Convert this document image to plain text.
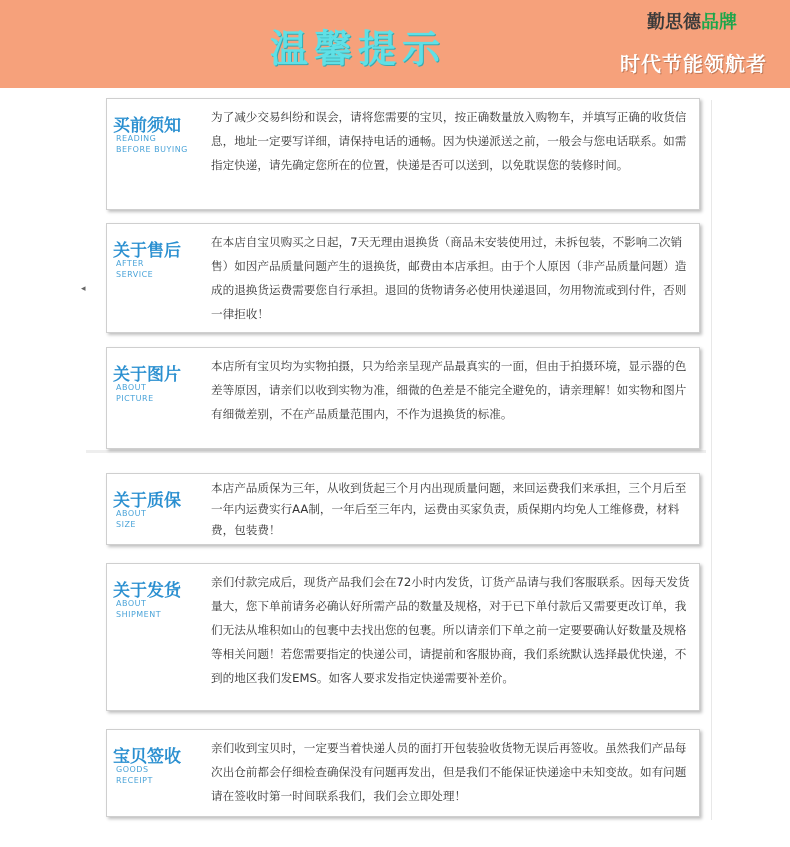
温馨提示
勤思德品牌
时代节能领航者
◂
买前须知
READING
BEFORE BUYING
为了减少交易纠纷和误会，请将您需要的宝贝，按正确数量放入购物车，并填写正确的收货信息，地址一定要写详细，请保持电话的通畅。因为快递派送之前，一般会与您电话联系。如需指定快递，请先确定您所在的位置，快递是否可以送到，以免耽误您的装修时间。
关于售后
AFTER
SERVICE
在本店自宝贝购买之日起，7天无理由退换货（商品未安装使用过，未拆包装，不影响二次销售）如因产品质量问题产生的退换货，邮费由本店承担。由于个人原因（非产品质量问题）造成的退换货运费需要您自行承担。退回的货物请务必使用快递退回，勿用物流或到付件，否则一律拒收！
关于图片
ABOUT
PICTURE
本店所有宝贝均为实物拍摄，只为给亲呈现产品最真实的一面，但由于拍摄环境，显示器的色差等原因，请亲们以收到实物为准，细微的色差是不能完全避免的，请亲理解！如实物和图片有细微差别，不在产品质量范围内，不作为退换货的标准。
关于质保
ABOUT
SIZE
本店产品质保为三年，从收到货起三个月内出现质量问题，来回运费我们来承担，三个月后至一年内运费实行AA制，一年后至三年内，运费由买家负责，质保期内均免人工维修费，材料费，包装费！
关于发货
ABOUT
SHIPMENT
亲们付款完成后，现货产品我们会在72小时内发货，订货产品请与我们客服联系。因每天发货量大，您下单前请务必确认好所需产品的数量及规格，对于已下单付款后又需要更改订单，我们无法从堆积如山的包裹中去找出您的包裹。所以请亲们下单之前一定要要确认好数量及规格等相关问题！若您需要指定的快递公司，请提前和客服协商，我们系统默认选择最优快递，不到的地区我们发EMS。如客人要求发指定快递需要补差价。
宝贝签收
GOODS
RECEIPT
亲们收到宝贝时，一定要当着快递人员的面打开包装验收货物无误后再签收。虽然我们产品每次出仓前都会仔细检查确保没有问题再发出，但是我们不能保证快递途中未知变故。如有问题请在签收时第一时间联系我们，我们会立即处理！
